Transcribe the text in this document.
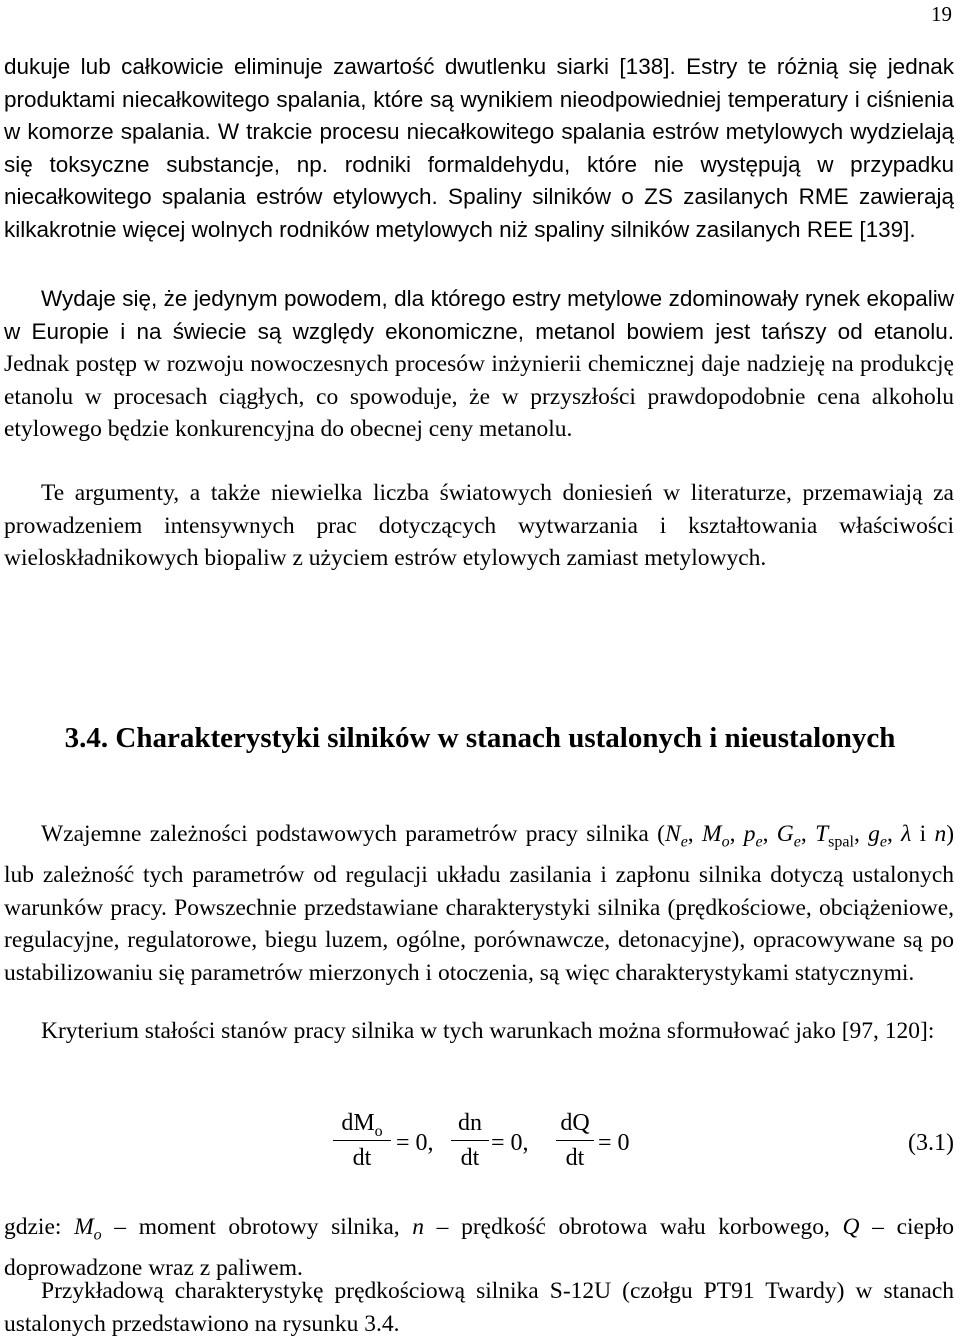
19

dukuje lub całkowicie eliminuje zawartość dwutlenku siarki [138]. Estry te różnią się jednak produktami niecałkowitego spalania, które są wynikiem nieodpowiedniej temperatury i ciśnienia w komorze spalania. W trakcie procesu niecałkowitego spalania estrów metylowych wydzielają się toksyczne substancje, np. rodniki formaldehydu, które nie występują w przypadku niecałkowitego spalania estrów etylowych. Spaliny silników o ZS zasilanych RME zawierają kilkakrotnie więcej wolnych rodników metylowych niż spaliny silników zasilanych REE [139].

Wydaje się, że jedynym powodem, dla którego estry metylowe zdominowały rynek ekopaliw w Europie i na świecie są względy ekonomiczne, metanol bowiem jest tańszy od etanolu. Jednak postęp w rozwoju nowoczesnych procesów inżynierii chemicznej daje nadzieję na produkcję etanolu w procesach ciągłych, co spowoduje, że w przyszłości prawdopodobnie cena alkoholu etylowego będzie konkurencyjna do obecnej ceny metanolu.

Te argumenty, a także niewielka liczba światowych doniesień w literaturze, przemawiają za prowadzeniem intensywnych prac dotyczących wytwarzania i kształtowania właściwości wieloskładnikowych biopaliw z użyciem estrów etylowych zamiast metylowych.

3.4. Charakterystyki silników w stanach ustalonych i nieustalonych

Wzajemne zależności podstawowych parametrów pracy silnika ($N_e$, $M_o$, $p_e$, $G_e$, $T_{spal}$, $g_e$, λ i n) lub zależność tych parametrów od regulacji układu zasilania i zapłonu silnika dotyczą ustalonych warunków pracy. Powszechnie przedstawiane charakterystyki silnika (prędkościowe, obciążeniowe, regulacyjne, regulatorowe, biegu luzem, ogólne, porównawcze, detonacyjne), opracowywane są po ustabilizowaniu się parametrów mierzonych i otoczenia, są więc charakterystykami statycznymi.

Kryterium stałości stanów pracy silnika w tych warunkach można sformułować jako [97, 120]:

$dM_o$
dt
= 0,
dn
dt
= 0,
dQ
dt
= 0	(3.1)

gdzie: $M_o$ – moment obrotowy silnika, n – prędkość obrotowa wału korbowego, Q – ciepło doprowadzone wraz z paliwem.

Przykładową charakterystykę prędkościową silnika S-12U (czołgu PT91 Twardy) w stanach ustalonych przedstawiono na rysunku 3.4.
